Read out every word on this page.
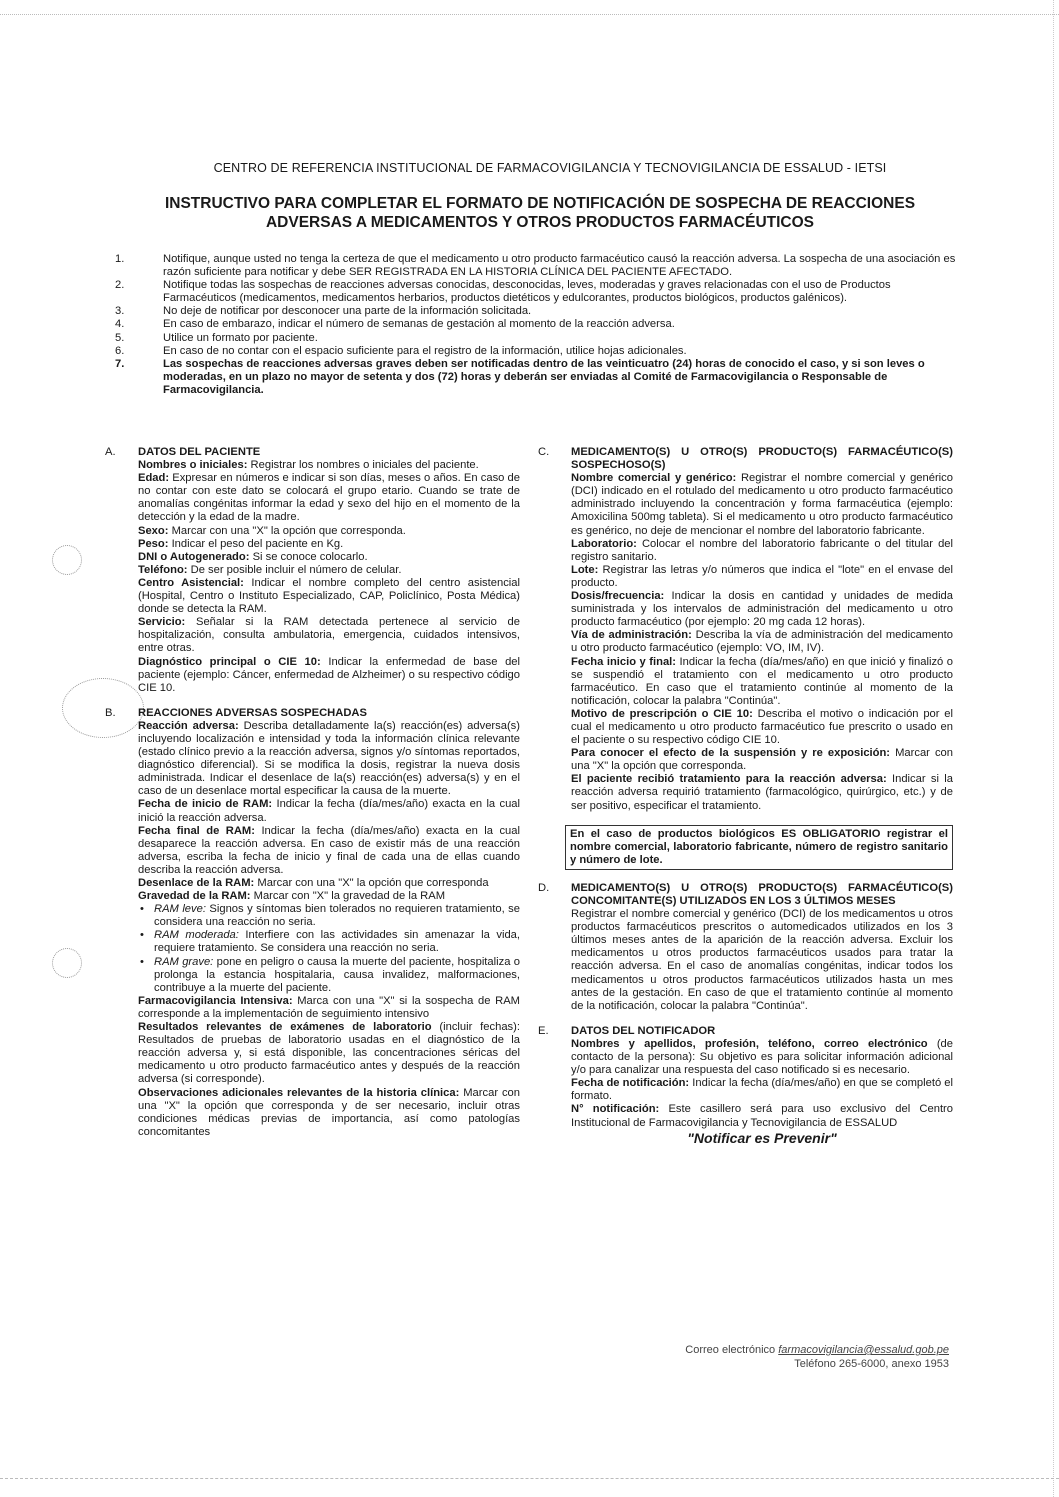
CENTRO DE REFERENCIA INSTITUCIONAL DE FARMACOVIGILANCIA Y TECNOVIGILANCIA DE ESSALUD - IETSI
INSTRUCTIVO PARA COMPLETAR EL FORMATO DE NOTIFICACIÓN DE SOSPECHA DE REACCIONES
ADVERSAS A MEDICAMENTOS Y OTROS PRODUCTOS FARMACÉUTICOS
1.	Notifique, aunque usted no tenga la certeza de que el medicamento u otro producto farmacéutico causó la reacción adversa. La sospecha de una asociación es razón suficiente para notificar y debe SER REGISTRADA EN LA HISTORIA CLÍNICA DEL PACIENTE AFECTADO.
2.	Notifique todas las sospechas de reacciones adversas conocidas, desconocidas, leves, moderadas y graves relacionadas con el uso de Productos Farmacéuticos (medicamentos, medicamentos herbarios, productos dietéticos y edulcorantes, productos biológicos, productos galénicos).
3.	No deje de notificar por desconocer una parte de la información solicitada.
4.	En caso de embarazo, indicar el número de semanas de gestación al momento de la reacción adversa.
5.	Utilice un formato por paciente.
6.	En caso de no contar con el espacio suficiente para el registro de la información, utilice hojas adicionales.
7.	Las sospechas de reacciones adversas graves deben ser notificadas dentro de las veinticuatro (24) horas de conocido el caso, y si son leves o moderadas, en un plazo no mayor de setenta y dos (72) horas y deberán ser enviadas al Comité de Farmacovigilancia o Responsable de Farmacovigilancia.
A. DATOS DEL PACIENTE

Nombres o iniciales: Registrar los nombres o iniciales del paciente.

Edad: Expresar en números e indicar si son días, meses o años. En caso de no contar con este dato se colocará el grupo etario. Cuando se trate de anomalías congénitas informar la edad y sexo del hijo en el momento de la detección y la edad de la madre.

Sexo: Marcar con una "X" la opción que corresponda.

Peso: Indicar el peso del paciente en Kg.

DNI o Autogenerado: Si se conoce colocarlo.

Teléfono: De ser posible incluir el número de celular.

Centro Asistencial: Indicar el nombre completo del centro asistencial (Hospital, Centro o Instituto Especializado, CAP, Policlínico, Posta Médica) donde se detecta la RAM.

Servicio: Señalar si la RAM detectada pertenece al servicio de hospitalización, consulta ambulatoria, emergencia, cuidados intensivos, entre otras.

Diagnóstico principal o CIE 10: Indicar la enfermedad de base del paciente (ejemplo: Cáncer, enfermedad de Alzheimer) o su respectivo código CIE 10.

B. REACCIONES ADVERSAS SOSPECHADAS

Reacción adversa: Describa detalladamente la(s) reacción(es) adversa(s) incluyendo localización e intensidad y toda la información clínica relevante (estado clínico previo a la reacción adversa, signos y/o síntomas reportados, diagnóstico diferencial). Si se modifica la dosis, registrar la nueva dosis administrada. Indicar el desenlace de la(s) reacción(es) adversa(s) y en el caso de un desenlace mortal especificar la causa de la muerte.

Fecha de inicio de RAM: Indicar la fecha (día/mes/año) exacta en la cual inició la reacción adversa.

Fecha final de RAM: Indicar la fecha (día/mes/año) exacta en la cual desaparece la reacción adversa. En caso de existir más de una reacción adversa, escriba la fecha de inicio y final de cada una de ellas cuando describa la reacción adversa.

Desenlace de la RAM: Marcar con una "X" la opción que corresponda

Gravedad de la RAM: Marcar con "X" la gravedad de la RAM

• RAM leve: Signos y síntomas bien tolerados no requieren tratamiento, se considera una reacción no seria.
• RAM moderada: Interfiere con las actividades sin amenazar la vida, requiere tratamiento. Se considera una reacción no seria.
• RAM grave: pone en peligro o causa la muerte del paciente, hospitaliza o prolonga la estancia hospitalaria, causa invalidez, malformaciones, contribuye a la muerte del paciente.

Farmacovigilancia Intensiva: Marca con una "X" si la sospecha de RAM corresponde a la implementación de seguimiento intensivo

Resultados relevantes de exámenes de laboratorio (incluir fechas): Resultados de pruebas de laboratorio usadas en el diagnóstico de la reacción adversa y, si está disponible, las concentraciones séricas del medicamento u otro producto farmacéutico antes y después de la reacción adversa (si corresponde).

Observaciones adicionales relevantes de la historia clínica: Marcar con una "X" la opción que corresponda y de ser necesario, incluir otras condiciones médicas previas de importancia, así como patologías concomitantes

C. MEDICAMENTO(S) U OTRO(S) PRODUCTO(S) FARMACÉUTICO(S) SOSPECHOSO(S)

Nombre comercial y genérico: Registrar el nombre comercial y genérico (DCI) indicado en el rotulado del medicamento u otro producto farmacéutico administrado incluyendo la concentración y forma farmacéutica (ejemplo: Amoxicilina 500mg tableta). Si el medicamento u otro producto farmacéutico es genérico, no deje de mencionar el nombre del laboratorio fabricante.

Laboratorio: Colocar el nombre del laboratorio fabricante o del titular del registro sanitario.

Lote: Registrar las letras y/o números que indica el "lote" en el envase del producto.

Dosis/frecuencia: Indicar la dosis en cantidad y unidades de medida suministrada y los intervalos de administración del medicamento u otro producto farmacéutico (por ejemplo: 20 mg cada 12 horas).

Vía de administración: Describa la vía de administración del medicamento u otro producto farmacéutico (ejemplo: VO, IM, IV).

Fecha inicio y final: Indicar la fecha (día/mes/año) en que inició y finalizó o se suspendió el tratamiento con el medicamento u otro producto farmacéutico. En caso que el tratamiento continúe al momento de la notificación, colocar la palabra "Continúa".

Motivo de prescripción o CIE 10: Describa el motivo o indicación por el cual el medicamento u otro producto farmacéutico fue prescrito o usado en el paciente o su respectivo código CIE 10.

Para conocer el efecto de la suspensión y re exposición: Marcar con una "X" la opción que corresponda.

El paciente recibió tratamiento para la reacción adversa: Indicar si la reacción adversa requirió tratamiento (farmacológico, quirúrgico, etc.) y de ser positivo, especificar el tratamiento.

En el caso de productos biológicos ES OBLIGATORIO registrar el nombre comercial, laboratorio fabricante, número de registro sanitario y número de lote.
D. MEDICAMENTO(S) U OTRO(S) PRODUCTO(S) FARMACÉUTICO(S) CONCOMITANTE(S) UTILIZADOS EN LOS 3 ÚLTIMOS MESES

Registrar el nombre comercial y genérico (DCI) de los medicamentos u otros productos farmacéuticos prescritos o automedicados utilizados en los 3 últimos meses antes de la aparición de la reacción adversa. Excluir los medicamentos u otros productos farmacéuticos usados para tratar la reacción adversa. En el caso de anomalías congénitas, indicar todos los medicamentos u otros productos farmacéuticos utilizados hasta un mes antes de la gestación. En caso de que el tratamiento continúe al momento de la notificación, colocar la palabra "Continúa".

E. DATOS DEL NOTIFICADOR

Nombres y apellidos, profesión, teléfono, correo electrónico (de contacto de la persona): Su objetivo es para solicitar información adicional y/o para canalizar una respuesta del caso notificado si es necesario.

Fecha de notificación: Indicar la fecha (día/mes/año) en que se completó el formato.

N° notificación: Este casillero será para uso exclusivo del Centro Institucional de Farmacovigilancia y Tecnovigilancia de ESSALUD

"Notificar es Prevenir"
Correo electrónico farmacovigilancia@essalud.gob.pe
Teléfono 265-6000, anexo 1953
